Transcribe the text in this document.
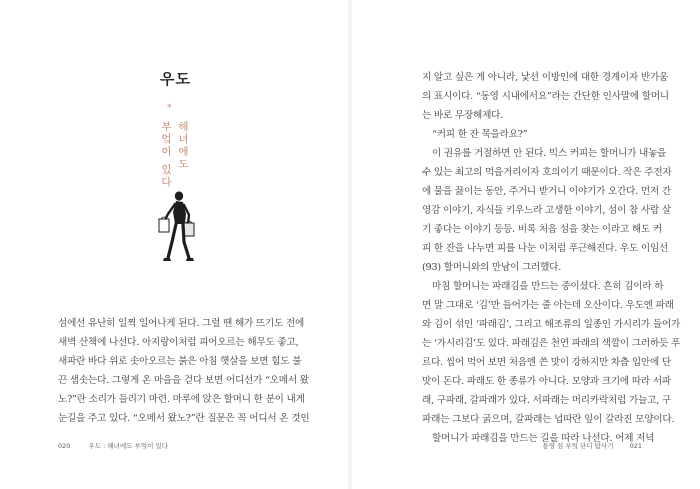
우도
*
해녀에도
부엌이 있다
섬에선 유난히 일찍 일어나게 된다. 그럴 땐 해가 뜨기도 전에
새벽 산책에 나선다. 아지랑이처럼 피어오르는 해무도 좋고,
새파란 바다 위로 솟아오르는 붉은 아침 햇살을 보면 힘도 불
끈 샘솟는다. 그렇게 온 마을을 걷다 보면 어디선가 “오메서 왔
노?”란 소리가 들리기 마련. 마루에 앉은 할머니 한 분이 내게
눈길을 주고 있다. “오메서 왔노?”란 질문은 꼭 어디서 온 것인
020	우도 : 해녀에도 부엌이 있다
지 알고 싶은 게 아니라, 낯선 이방인에 대한 경계이자 반가움
의 표시이다. “동영 시내에서요”라는 간단한 인사말에 할머니
는 바로 무장해제다.
“커피 한 잔 묵을라요?”
이 권유를 거절하면 안 된다. 믹스 커피는 할머니가 내놓을
수 있는 최고의 먹을거리이자 호의이기 때문이다. 작은 주전자
에 물을 끓이는 동안, 주거니 받거니 이야기가 오간다. 먼저 간
영감 이야기, 자식들 키우느라 고생한 이야기, 섬이 참 사람 살
기 좋다는 이야기 등등. 비록 처음 섬을 찾는 이라고 해도 커
피 한 잔을 나누면 피를 나눈 이처럼 푸근해진다. 우도 이임선
(93) 할머니와의 만남이 그러했다.
마침 할머니는 파래김을 만드는 중이셨다. 흔히 김이라 하
면 말 그대로 ‘김’만 들어가는 줄 아는데 오산이다. 우도엔 파래
와 김이 섞인 ‘파래김’, 그리고 해조류의 일종인 가시리가 들어가
는 ‘가시리김’도 있다. 파래김은 천연 파래의 색깔이 그러하듯 푸
르다. 씹어 먹어 보면 처음엔 쓴 맛이 강하지만 차츰 입안에 단
맛이 돈다. 파래도 한 종류가 아니다. 모양과 크기에 따라 서파
래, 구파래, 갈파래가 있다. 서파래는 머리카락처럼 가늘고, 구
파래는 그보다 굵으며, 갈파래는 넙따란 잎이 갈라진 모양이다.
할머니가 파래김을 만드는 길을 따라 나선다. 어제 저녁
통영 섬 부엌 단디 탐사기 021
